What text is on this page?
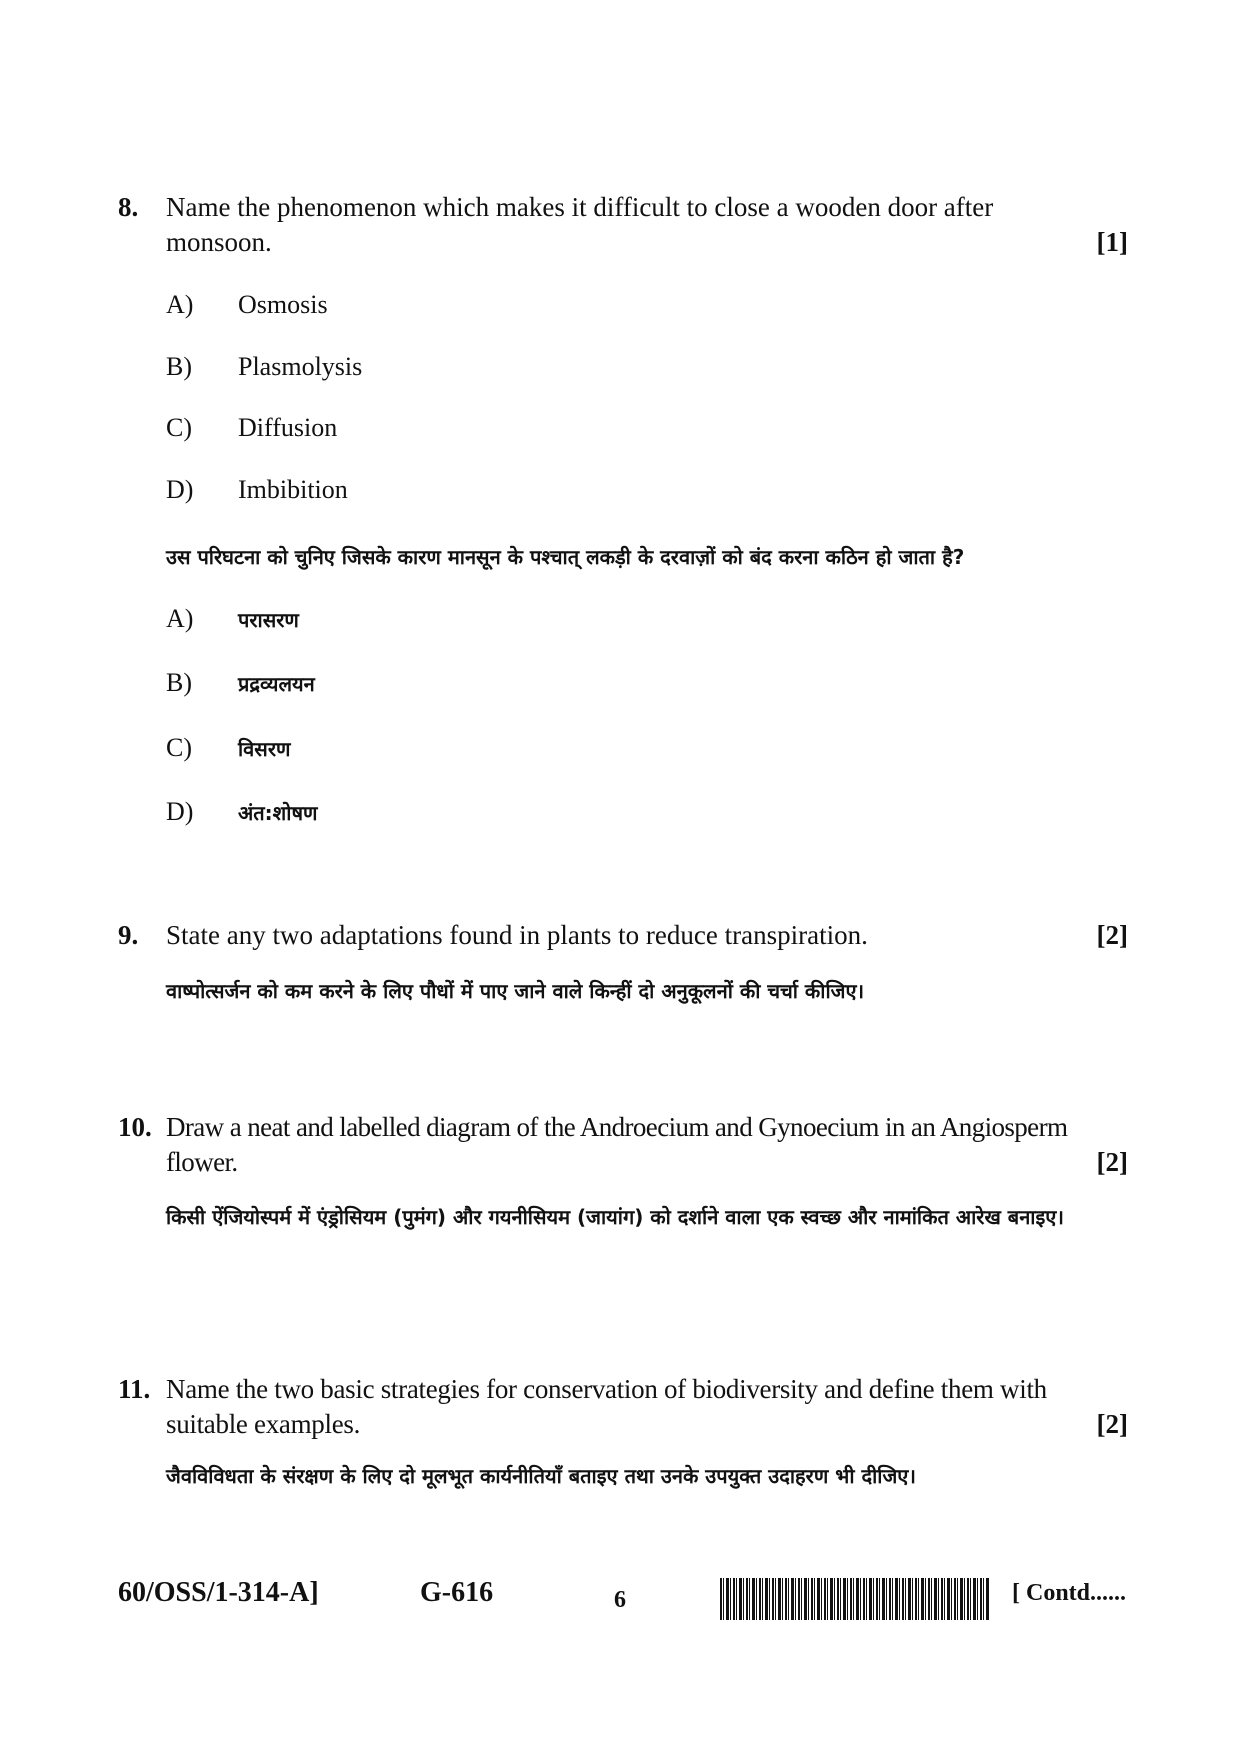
8. Name the phenomenon which makes it difficult to close a wooden door after
monsoon.	[1]
A) Osmosis
B) Plasmolysis
C) Diffusion
D) Imbibition
उस परिघटना को चुनिए जिसके कारण मानसून के पश्चात् लकड़ी के दरवाज़ों को बंद करना कठिन हो जाता है?
A) परासरण
B) प्रद्रव्यलयन
C) विसरण
D) अंत:शोषण
9. State any two adaptations found in plants to reduce transpiration.	[2]
वाष्पोत्सर्जन को कम करने के लिए पौधों में पाए जाने वाले किन्हीं दो अनुकूलनों की चर्चा कीजिए।
10. Draw a neat and labelled diagram of the Androecium and Gynoecium in an Angiosperm
flower.	[2]
किसी ऐंजियोस्पर्म में एंड्रोसियम (पुमंग) और गयनीसियम (जायांग) को दर्शाने वाला एक स्वच्छ और नामांकित आरेख बनाइए।
11. Name the two basic strategies for conservation of biodiversity and define them with
suitable examples.	[2]
जैवविविधता के संरक्षण के लिए दो मूलभूत कार्यनीतियाँ बताइए तथा उनके उपयुक्त उदाहरण भी दीजिए।
60/OSS/1-314-A]	G-616	6	[ Contd......
